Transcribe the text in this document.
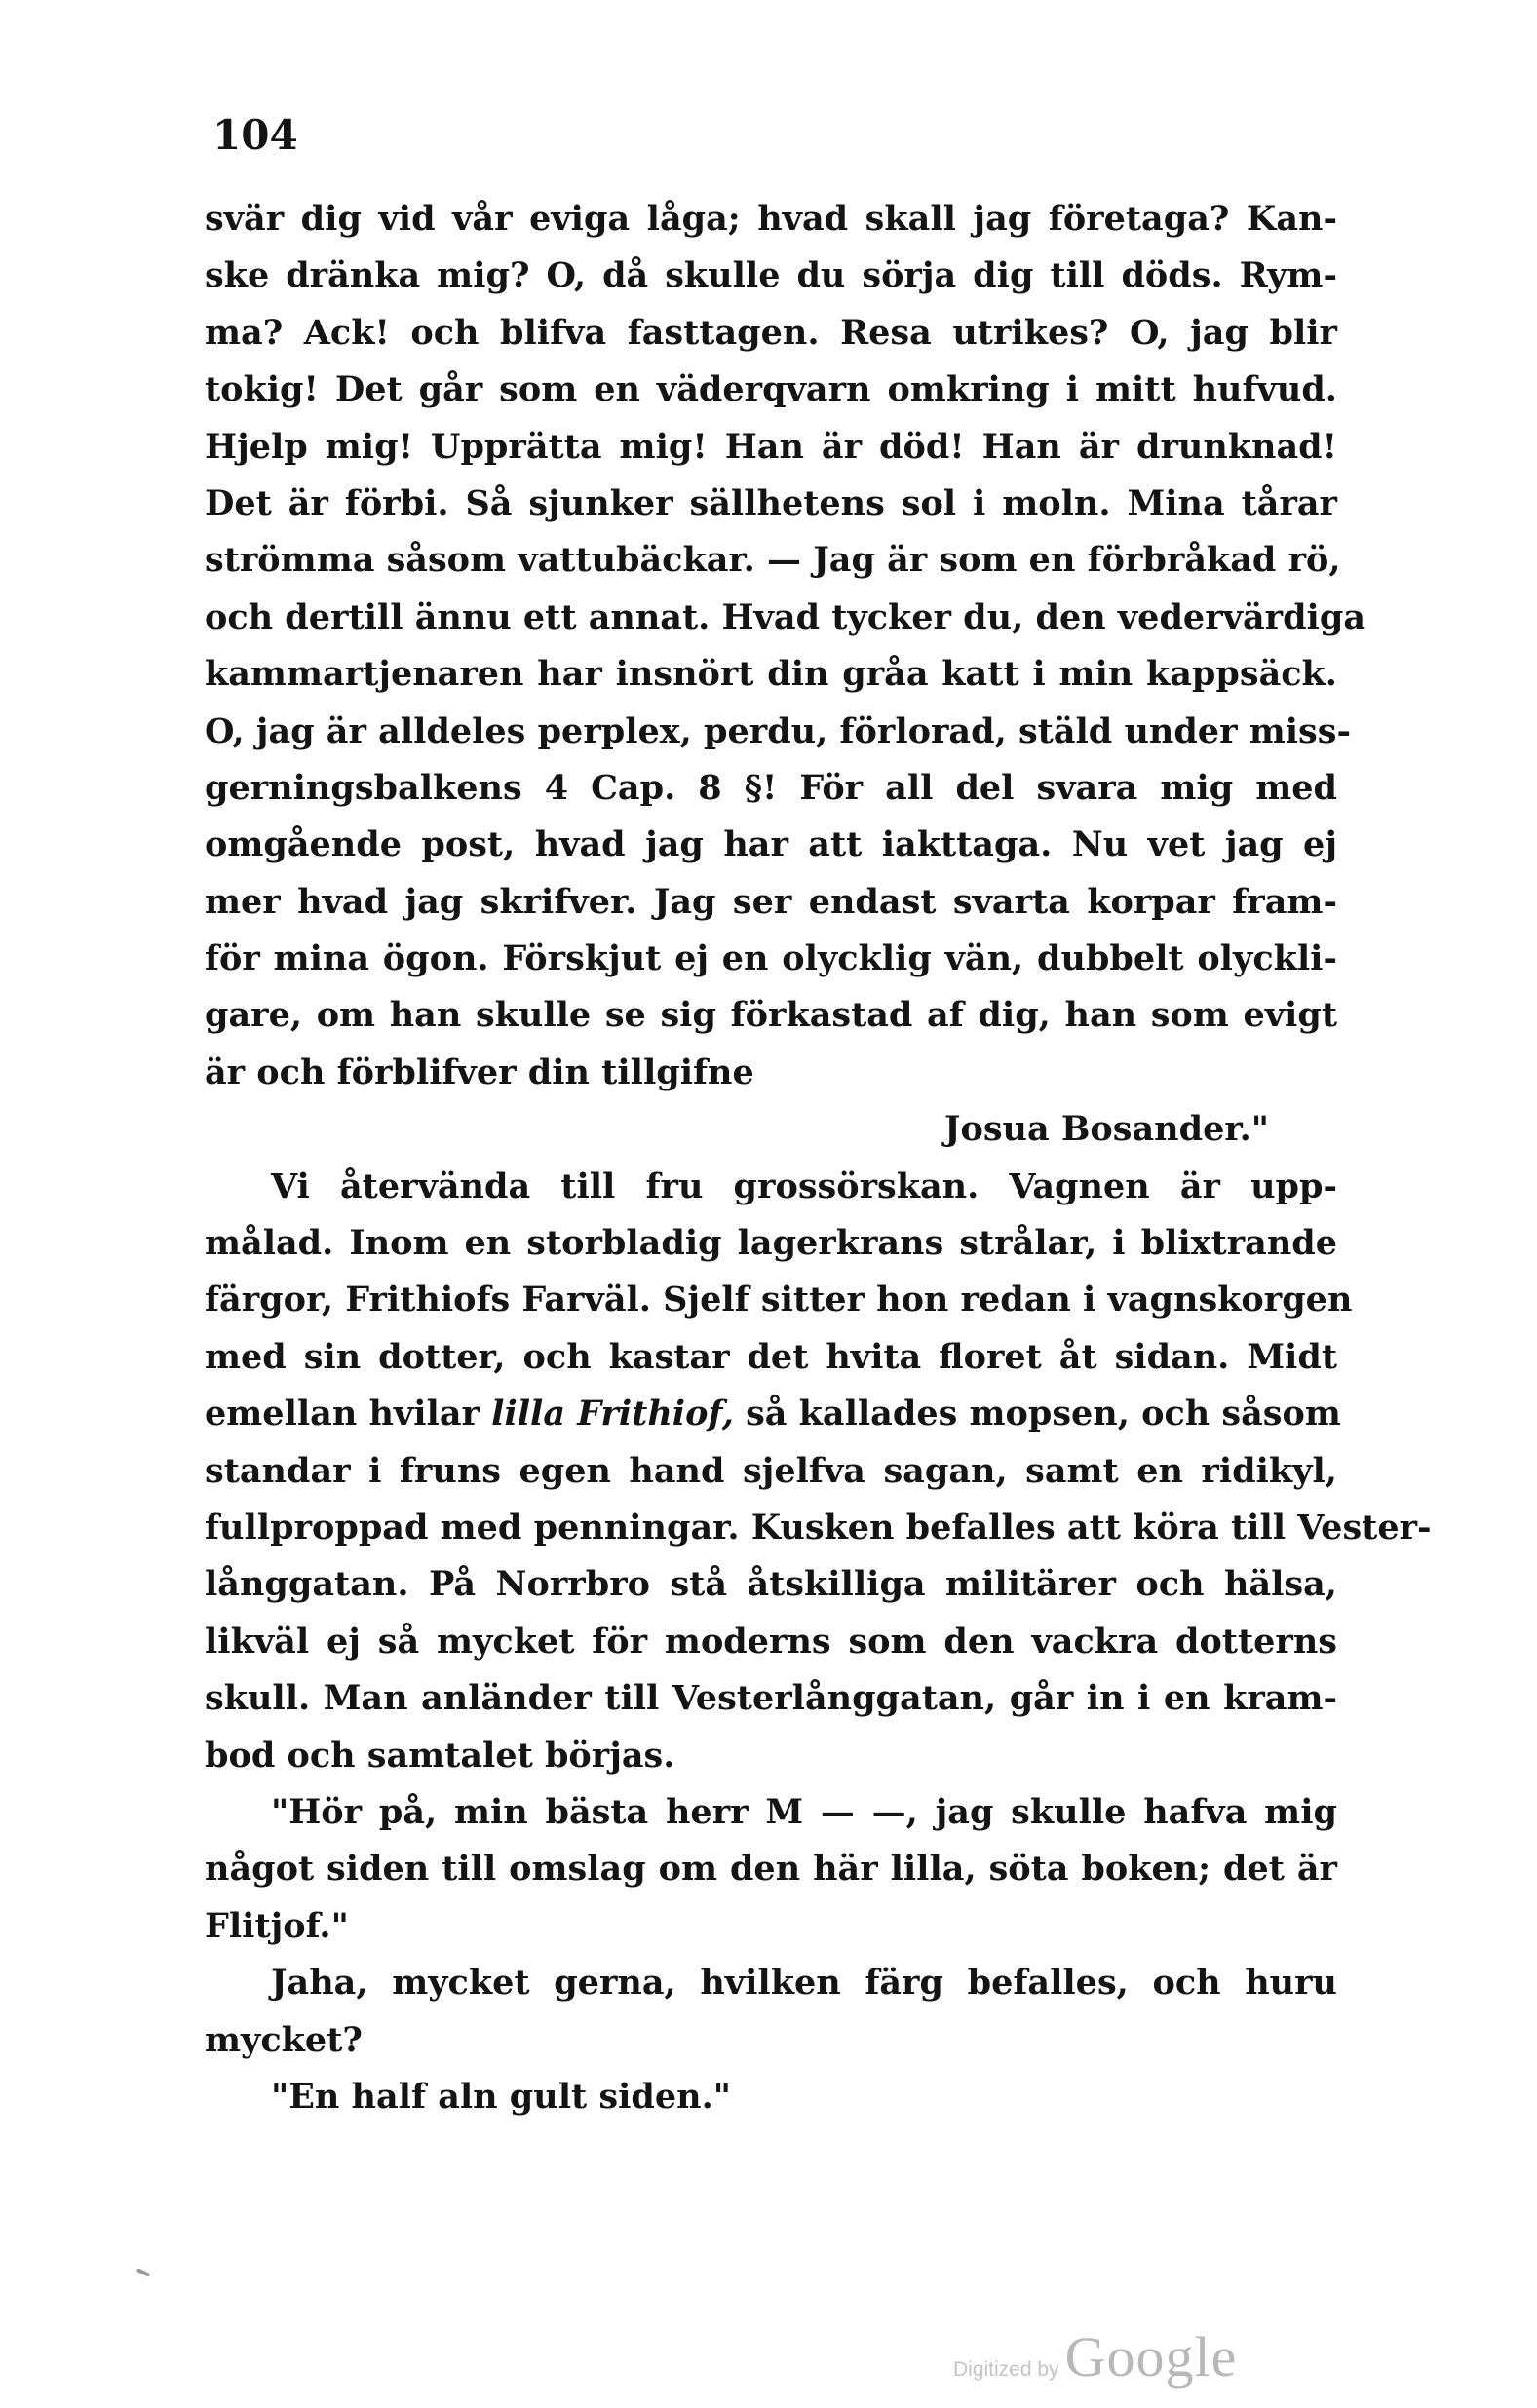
104
svär dig vid vår eviga låga; hvad skall jag företaga? Kan-
ske dränka mig? O, då skulle du sörja dig till döds. Rym-
ma? Ack! och blifva fasttagen. Resa utrikes? O, jag blir
tokig! Det går som en väderqvarn omkring i mitt hufvud.
Hjelp mig! Upprätta mig! Han är död! Han är drunknad!
Det är förbi. Så sjunker sällhetens sol i moln. Mina tårar
strömma såsom vattubäckar. — Jag är som en förbråkad rö,
och dertill ännu ett annat. Hvad tycker du, den vedervärdiga
kammartjenaren har insnört din gråa katt i min kappsäck.
O, jag är alldeles perplex, perdu, förlorad, stäld under miss-
gerningsbalkens 4 Cap. 8 §! För all del svara mig med
omgående post, hvad jag har att iakttaga. Nu vet jag ej
mer hvad jag skrifver. Jag ser endast svarta korpar fram-
för mina ögon. Förskjut ej en olycklig vän, dubbelt olyckli-
gare, om han skulle se sig förkastad af dig, han som evigt
är och förblifver din tillgifne
Josua Bosander."
Vi återvända till fru grossörskan. Vagnen är upp-
målad. Inom en storbladig lagerkrans strålar, i blixtrande
färgor, Frithiofs Farväl. Sjelf sitter hon redan i vagnskorgen
med sin dotter, och kastar det hvita floret åt sidan. Midt
emellan hvilar lilla Frithiof, så kallades mopsen, och såsom
standar i fruns egen hand sjelfva sagan, samt en ridikyl,
fullproppad med penningar. Kusken befalles att köra till Vester-
långgatan. På Norrbro stå åtskilliga militärer och hälsa,
likväl ej så mycket för moderns som den vackra dotterns
skull. Man anländer till Vesterlånggatan, går in i en kram-
bod och samtalet börjas.
"Hör på, min bästa herr M — —, jag skulle hafva mig
något siden till omslag om den här lilla, söta boken; det är
Flitjof."
Jaha, mycket gerna, hvilken färg befalles, och huru
mycket?
"En half aln gult siden."
Digitized by Google
